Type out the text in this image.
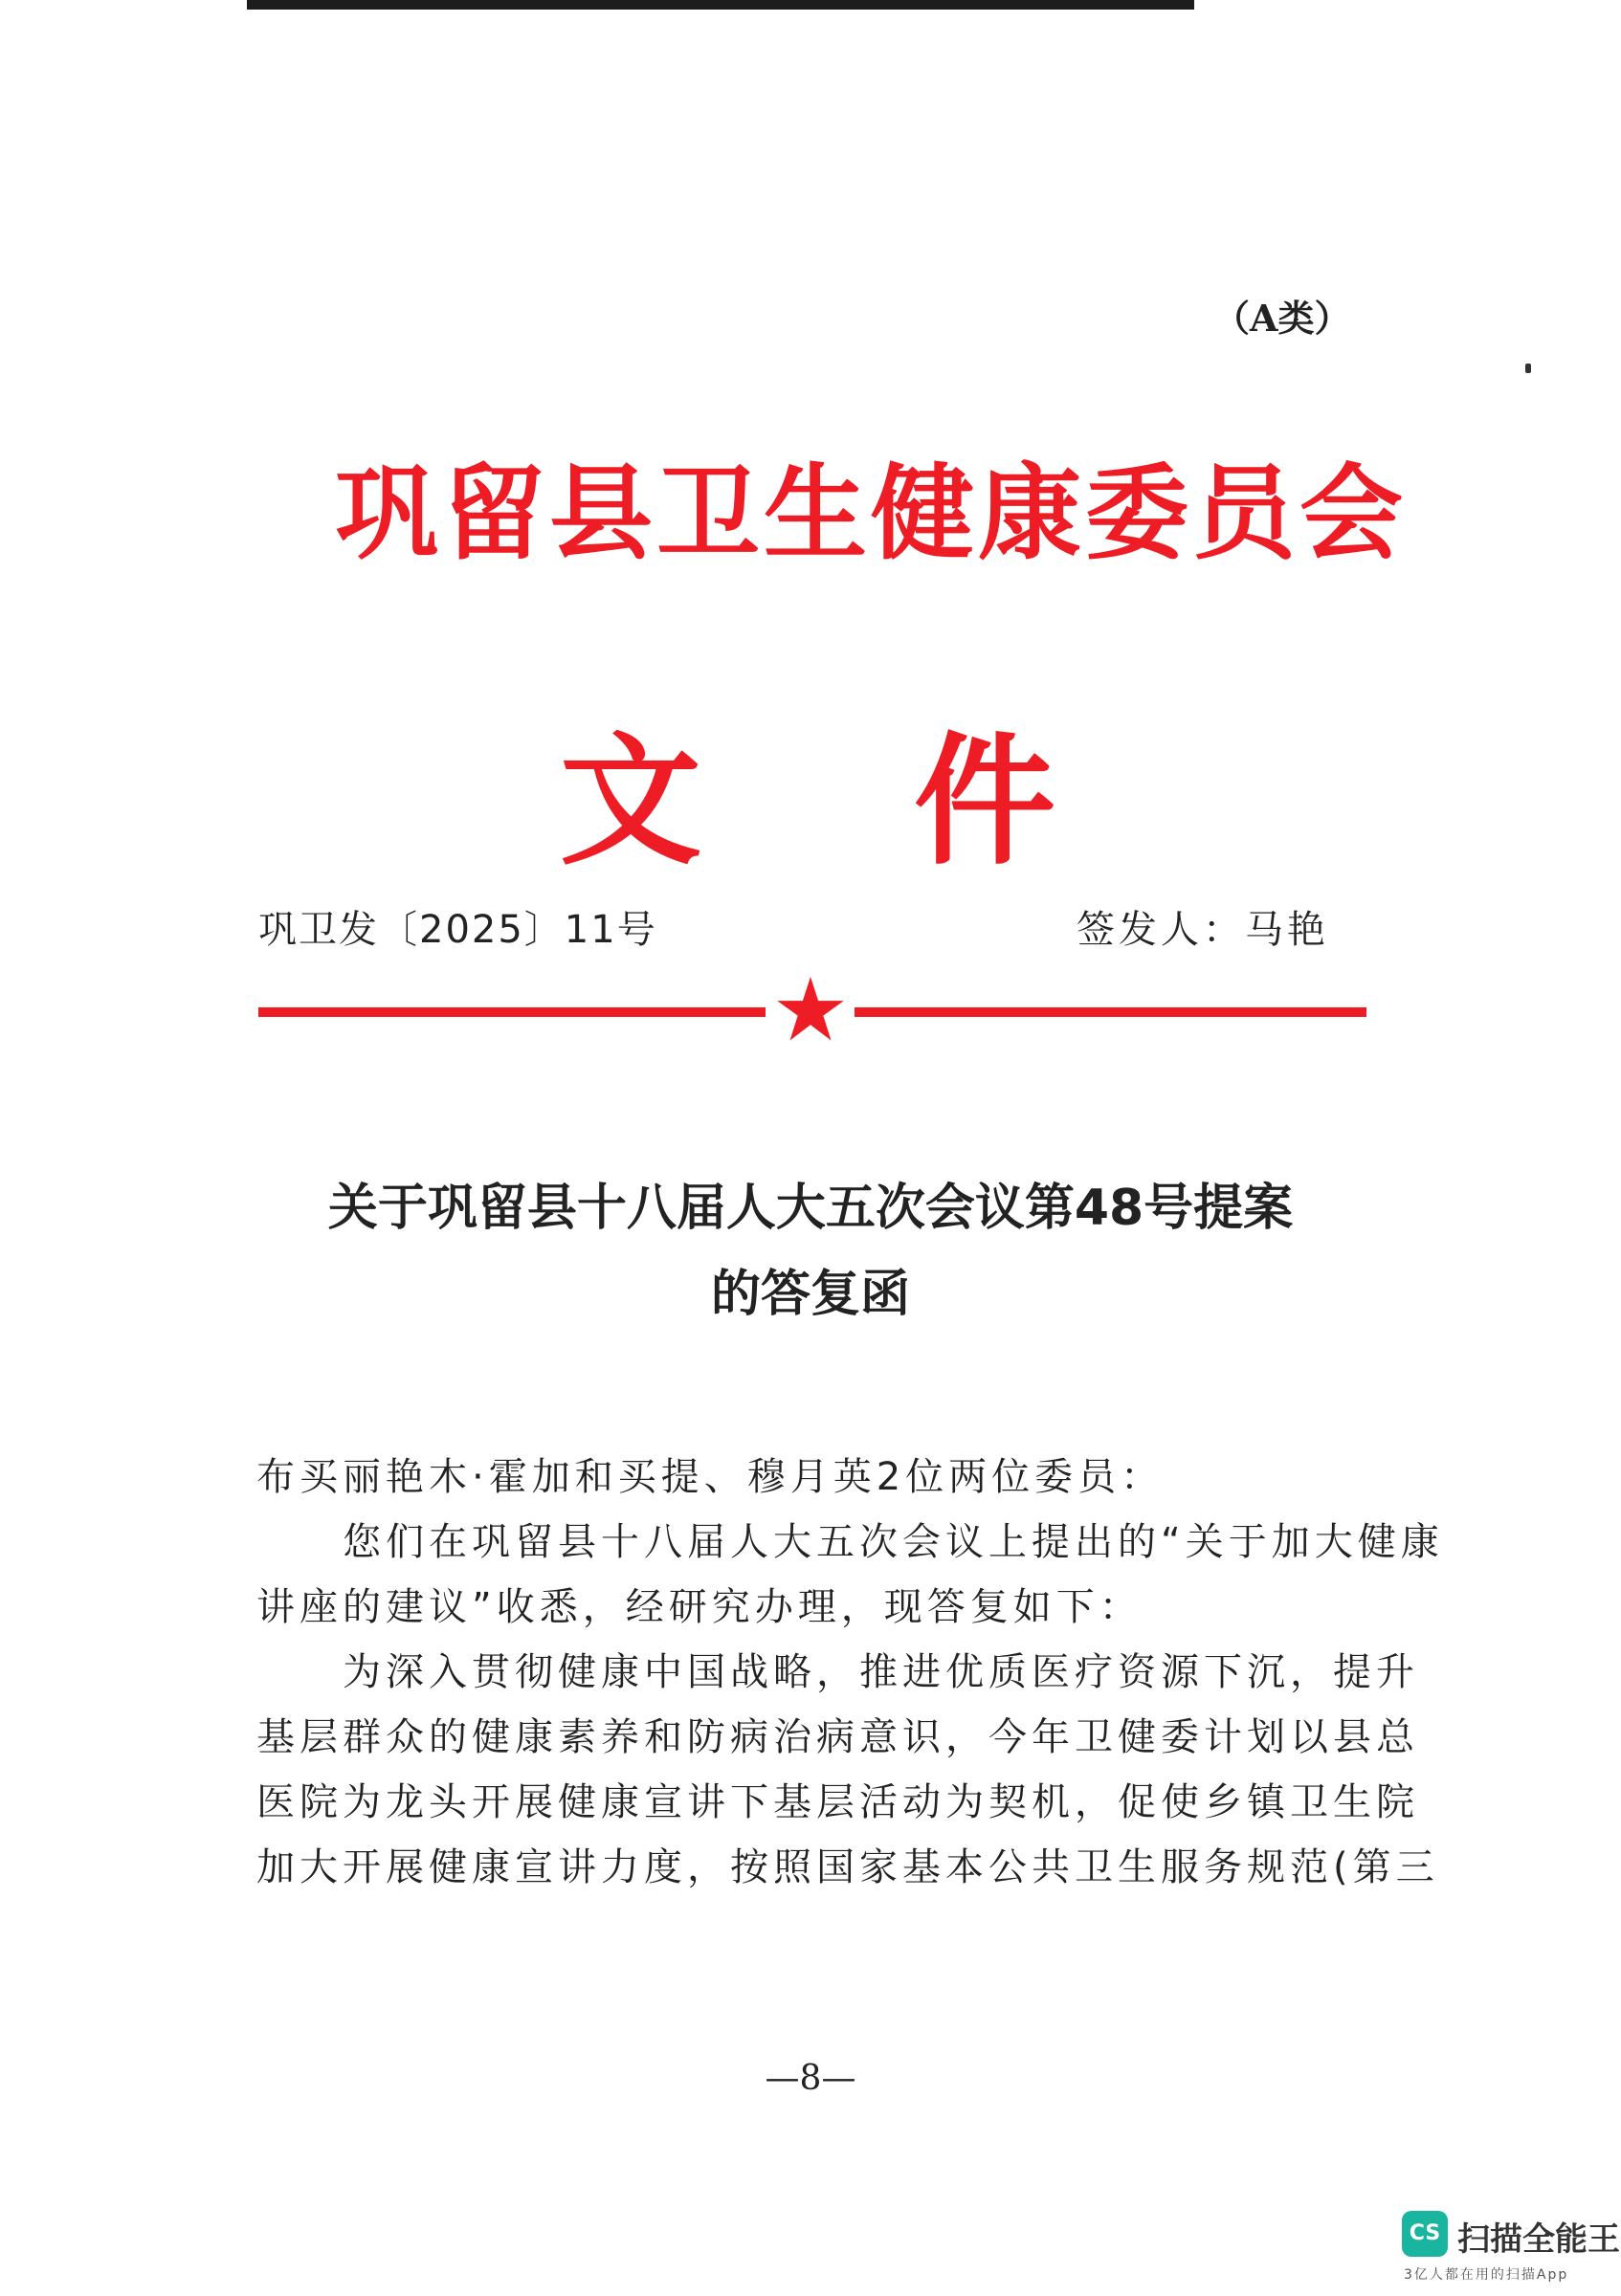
（A类）
巩留县卫生健康委员会
文 件
巩卫发〔2025〕11号	签发人：马艳
关于巩留县十八届人大五次会议第48号提案
的答复函
布买丽艳木·霍加和买提、穆月英2位两位委员：
　　您们在巩留县十八届人大五次会议上提出的“关于加大健康
讲座的建议”收悉，经研究办理，现答复如下：
　　为深入贯彻健康中国战略，推进优质医疗资源下沉，提升
基层群众的健康素养和防病治病意识，今年卫健委计划以县总
医院为龙头开展健康宣讲下基层活动为契机，促使乡镇卫生院
加大开展健康宣讲力度，按照国家基本公共卫生服务规范(第三
—8—
CS 扫描全能王
3亿人都在用的扫描App
